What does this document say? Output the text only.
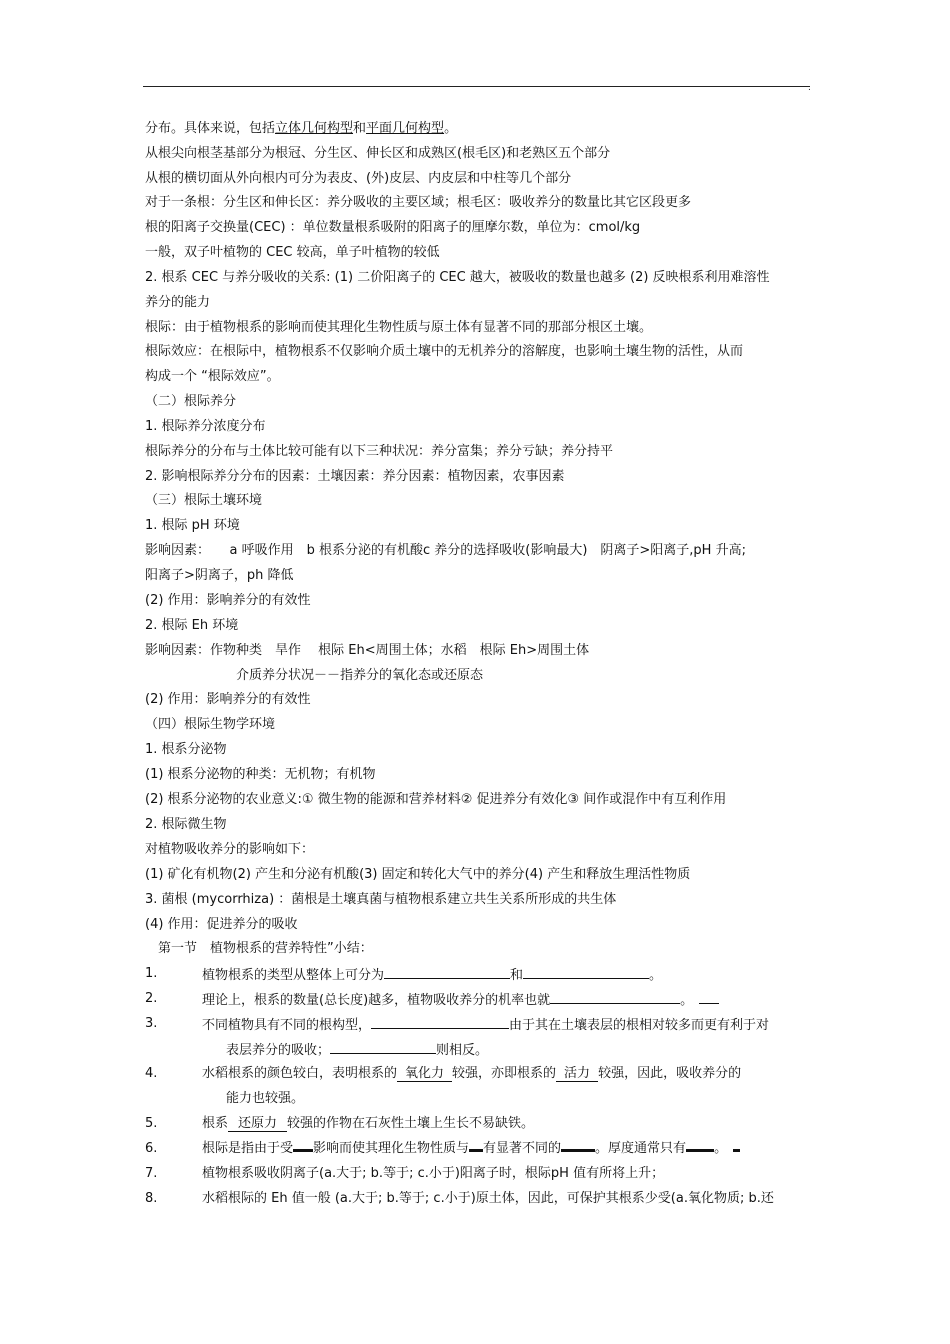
.
分布。具体来说，包括立体几何构型和平面几何构型。
从根尖向根茎基部分为根冠、分生区、伸长区和成熟区(根毛区)和老熟区五个部分
从根的横切面从外向根内可分为表皮、(外)皮层、内皮层和中柱等几个部分
对于一条根：分生区和伸长区：养分吸收的主要区域；根毛区：吸收养分的数量比其它区段更多
根的阳离子交换量(CEC) ：单位数量根系吸附的阳离子的厘摩尔数，单位为：cmol/kg
一般，双子叶植物的 CEC 较高，单子叶植物的较低
2. 根系 CEC 与养分吸收的关系: (1) 二价阳离子的 CEC 越大，被吸收的数量也越多 (2) 反映根系利用难溶性
养分的能力
根际：由于植物根系的影响而使其理化生物性质与原土体有显著不同的那部分根区土壤。
根际效应：在根际中，植物根系不仅影响介质土壤中的无机养分的溶解度，也影响土壤生物的活性，从而
构成一个 “根际效应”。
（二）根际养分
1. 根际养分浓度分布
根际养分的分布与土体比较可能有以下三种状况：养分富集；养分亏缺；养分持平
2. 影响根际养分分布的因素：土壤因素：养分因素：植物因素，农事因素
（三）根际土壤环境
1. 根际 pH 环境
影响因素：　　a 呼吸作用　b 根系分泌的有机酸c 养分的选择吸收(影响最大)　阴离子>阳离子,pH 升高;
阳离子>阴离子，ph 降低
(2) 作用：影响养分的有效性
2. 根际 Eh 环境
影响因素：作物种类　旱作　 根际 Eh<周围土体；水稻　根际 Eh>周围土体
　　　　　　　介质养分状况－－指养分的氧化态或还原态
(2) 作用：影响养分的有效性
（四）根际生物学环境
1. 根系分泌物
(1) 根系分泌物的种类：无机物；有机物
(2) 根系分泌物的农业意义:① 微生物的能源和营养材料② 促进养分有效化③ 间作或混作中有互利作用
2. 根际微生物
对植物吸收养分的影响如下：
(1) 矿化有机物(2) 产生和分泌有机酸(3) 固定和转化大气中的养分(4) 产生和释放生理活性物质
3. 菌根 (mycorrhiza) ：菌根是土壤真菌与植物根系建立共生关系所形成的共生体
(4) 作用：促进养分的吸收
　第一节　植物根系的营养特性”小结：
1.	植物根系的类型从整体上可分为	和	。
2.	理论上，根系的数量(总长度)越多，植物吸收养分的机率也就	。
3.	不同植物具有不同的根构型，	由于其在土壤表层的根相对较多而更有利于对
表层养分的吸收；	则相反。
4.	水稻根系的颜色较白，表明根系的 氧化力 较强，亦即根系的 活力 较强，因此，吸收养分的
能力也较强。
5.	根系 还原力 较强的作物在石灰性土壤上生长不易缺铁。
6.	根际是指由于受 影响而使其理化生物性质与 有显著不同的	。厚度通常只有 。
7.	植物根系吸收阴离子(a.大于; b.等于; c.小于)阳离子时，根际pH 值有所将上升；
8.	水稻根际的 Eh 值一般 (a.大于; b.等于; c.小于)原土体，因此，可保护其根系少受(a.氧化物质; b.还
